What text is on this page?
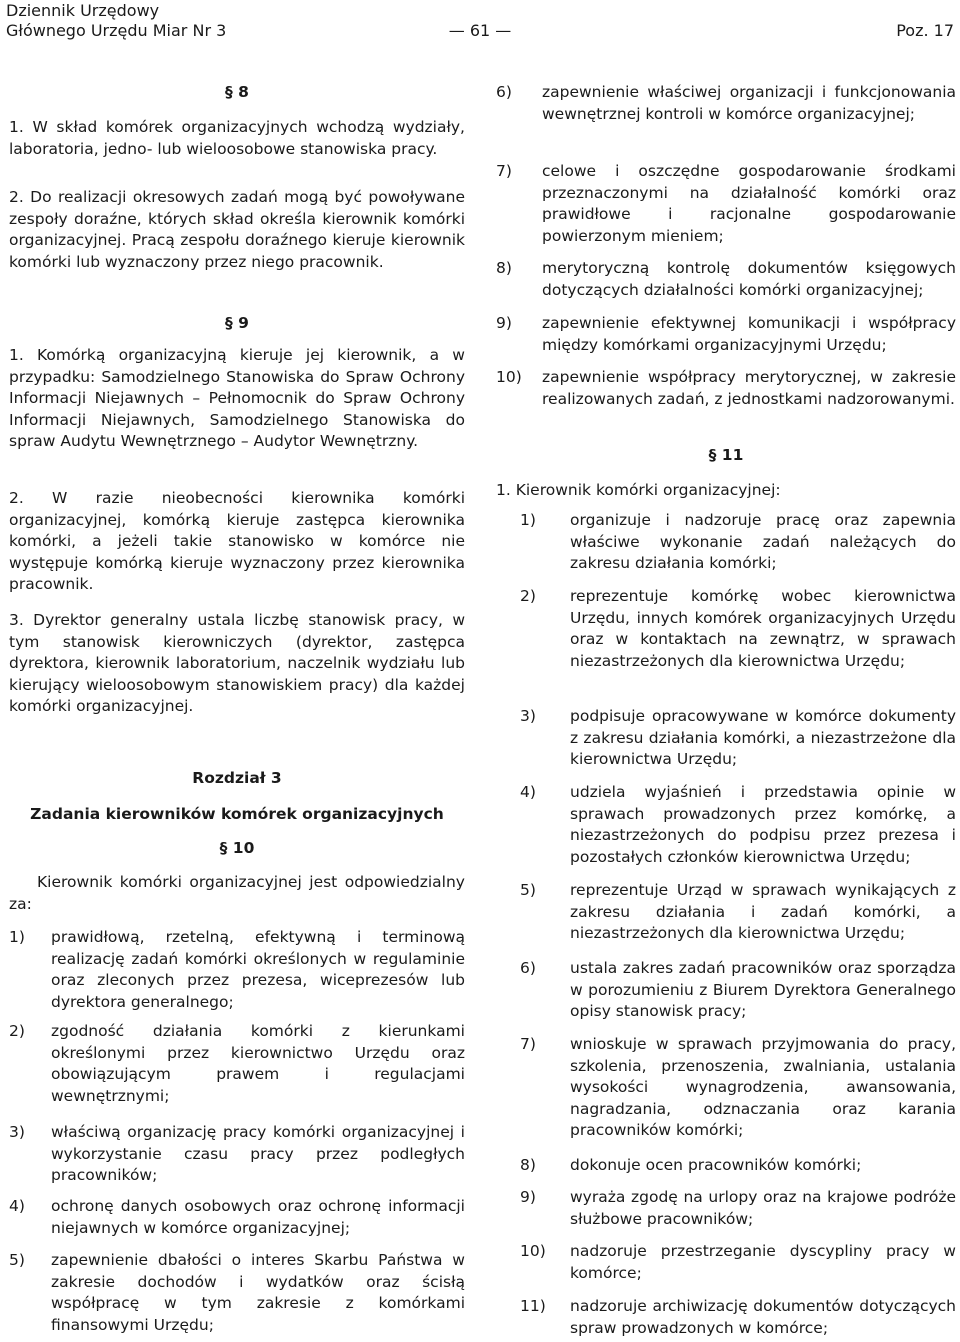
Dziennik Urzędowy
Głównego Urzędu Miar Nr 3	— 61 —	Poz. 17
§ 8

1. W skład komórek organizacyjnych wchodzą wydziały, laboratoria, jedno- lub wieloosobowe stanowiska pracy.

2. Do realizacji okresowych zadań mogą być powoływane zespoły doraźne, których skład określa kierownik komórki organizacyjnej. Pracą zespołu doraźnego kieruje kierownik komórki lub wyznaczony przez niego pracownik.

§ 9

1. Komórką organizacyjną kieruje jej kierownik, a w przypadku: Samodzielnego Stanowiska do Spraw Ochrony Informacji Niejawnych – Pełnomocnik do Spraw Ochrony Informacji Niejawnych, Samodzielnego Stanowiska do spraw Audytu Wewnętrznego – Audytor Wewnętrzny.

2. W razie nieobecności kierownika komórki organizacyjnej, komórką kieruje zastępca kierownika komórki, a jeżeli takie stanowisko w komórce nie występuje komórką kieruje wyznaczony przez kierownika pracownik.

3. Dyrektor generalny ustala liczbę stanowisk pracy, w tym stanowisk kierowniczych (dyrektor, zastępca dyrektora, kierownik laboratorium, naczelnik wydziału lub kierujący wieloosobowym stanowiskiem pracy) dla każdej komórki organizacyjnej.

Rozdział 3
Zadania kierowników komórek organizacyjnych
§ 10

Kierownik komórki organizacyjnej jest odpowiedzialny za:

1) prawidłową, rzetelną, efektywną i terminową realizację zadań komórki określonych w regulaminie oraz zleconych przez prezesa, wiceprezesów lub dyrektora generalnego;

2) zgodność działania komórki z kierunkami określonymi przez kierownictwo Urzędu oraz obowiązującym prawem i regulacjami wewnętrznymi;

3) właściwą organizację pracy komórki organizacyjnej i wykorzystanie czasu pracy przez podległych pracowników;

4) ochronę danych osobowych oraz ochronę informacji niejawnych w komórce organizacyjnej;

5) zapewnienie dbałości o interes Skarbu Państwa w zakresie dochodów i wydatków oraz ścisłą współpracę w tym zakresie z komórkami finansowymi Urzędu;

6) zapewnienie właściwej organizacji i funkcjonowania wewnętrznej kontroli w komórce organizacyjnej;

7) celowe i oszczędne gospodarowanie środkami przeznaczonymi na działalność komórki oraz prawidłowe i racjonalne gospodarowanie powierzonym mieniem;

8) merytoryczną kontrolę dokumentów księgowych dotyczących działalności komórki organizacyjnej;

9) zapewnienie efektywnej komunikacji i współpracy między komórkami organizacyjnymi Urzędu;

10) zapewnienie współpracy merytorycznej, w zakresie realizowanych zadań, z jednostkami nadzorowanymi.

§ 11

1. Kierownik komórki organizacyjnej:

1) organizuje i nadzoruje pracę oraz zapewnia właściwe wykonanie zadań należących do zakresu działania komórki;

2) reprezentuje komórkę wobec kierownictwa Urzędu, innych komórek organizacyjnych Urzędu oraz w kontaktach na zewnątrz, w sprawach niezastrzeżonych dla kierownictwa Urzędu;

3) podpisuje opracowywane w komórce dokumenty z zakresu działania komórki, a niezastrzeżone dla kierownictwa Urzędu;

4) udziela wyjaśnień i przedstawia opinie w sprawach prowadzonych przez komórkę, a niezastrzeżonych do podpisu przez prezesa i pozostałych członków kierownictwa Urzędu;

5) reprezentuje Urząd w sprawach wynikających z zakresu działania i zadań komórki, a niezastrzeżonych dla kierownictwa Urzędu;

6) ustala zakres zadań pracowników oraz sporządza w porozumieniu z Biurem Dyrektora Generalnego opisy stanowisk pracy;

7) wnioskuje w sprawach przyjmowania do pracy, szkolenia, przenoszenia, zwalniania, ustalania wysokości wynagrodzenia, awansowania, nagradzania, odznaczania oraz karania pracowników komórki;

8) dokonuje ocen pracowników komórki;

9) wyraża zgodę na urlopy oraz na krajowe podróże służbowe pracowników;

10) nadzoruje przestrzeganie dyscypliny pracy w komórce;

11) nadzoruje archiwizację dokumentów dotyczących spraw prowadzonych w komórce;
